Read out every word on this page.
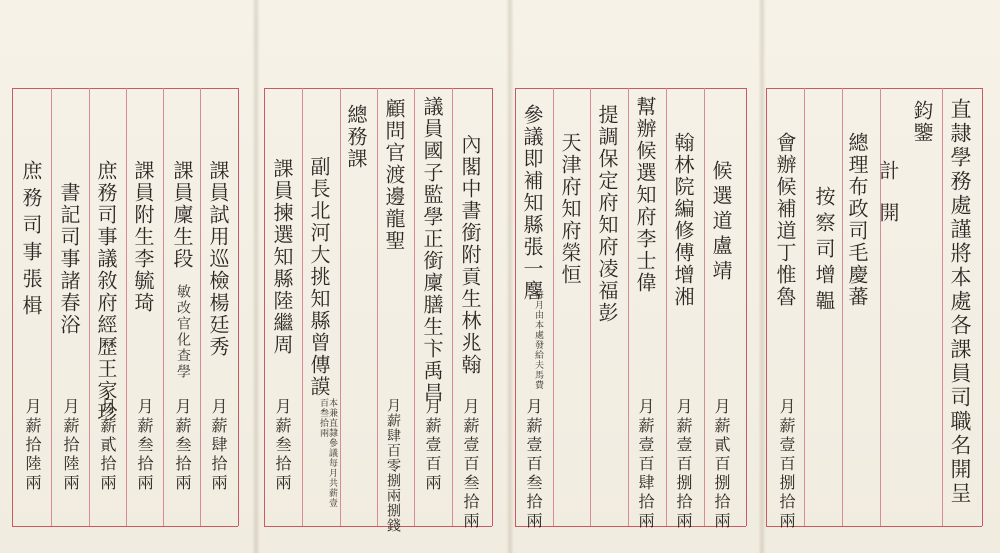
直隷學務處謹將本處各課員司職名開呈
鈞鑒
計開
總理布政司毛慶蕃
按察司增韞
會辦候補道丁惟魯
月薪壹百捌拾兩
候選道盧靖
月薪貳百捌拾兩
翰林院編修傅增湘
月薪壹百捌拾兩
幫辦候選知府李士偉
月薪壹百肆拾兩
提調保定府知府凌福彭
天津府知府榮恒
參議即補知縣張一麐
每月由本處發給夫馬費
月薪壹百叁拾兩
內閣中書銜附貢生林兆翰
月薪壹百叁拾兩
議員國子監學正銜廩膳生卞禹昌
月薪壹百兩
顧問官渡邊龍聖
月薪肆百零捌兩捌錢
總務課
副長北河大挑知縣曾傳謨
本兼直隸參議每月共薪壹百叁拾兩
課員揀選知縣陸繼周
月薪叁拾兩
課員試用巡檢楊廷秀
月薪肆拾兩
課員廩生段
敏改官化查學
月薪叁拾兩
課員附生李毓琦
月薪叁拾兩
庶務司事議敘府經歷王家珍
月薪貳拾兩
書記司事諸春浴
月薪拾陸兩
庶務司事張楫
月薪拾陸兩
